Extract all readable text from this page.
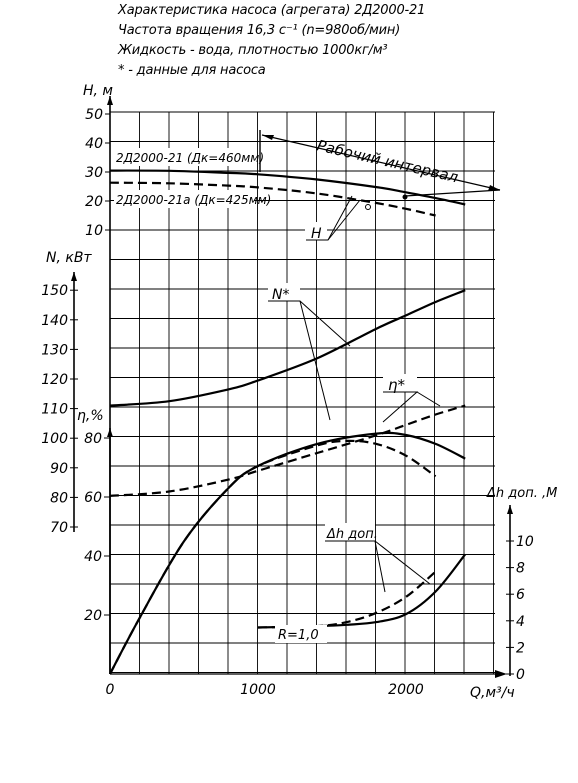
Характеристика насоса (агрегата) 2Д2000-21
Частота вращения 16,3 с⁻¹ (n=980об/мин)
Жидкость - вода, плотностью 1000кг/м³
* - данные для насоса
10
20
30
40
50
H, м
70
80
90
100
110
120
130
140
150
N, кВт
20
40
60
80
η,%
0
2
4
6
8
10
Δh доп. ,М
0	1000	2000	Q,м³/ч
2Д2000-21 (Дк=460мм)
2Д2000-21а (Дк=425мм)
Рабочий интервал
H
N*
η*
Δh доп.
R=1,0
